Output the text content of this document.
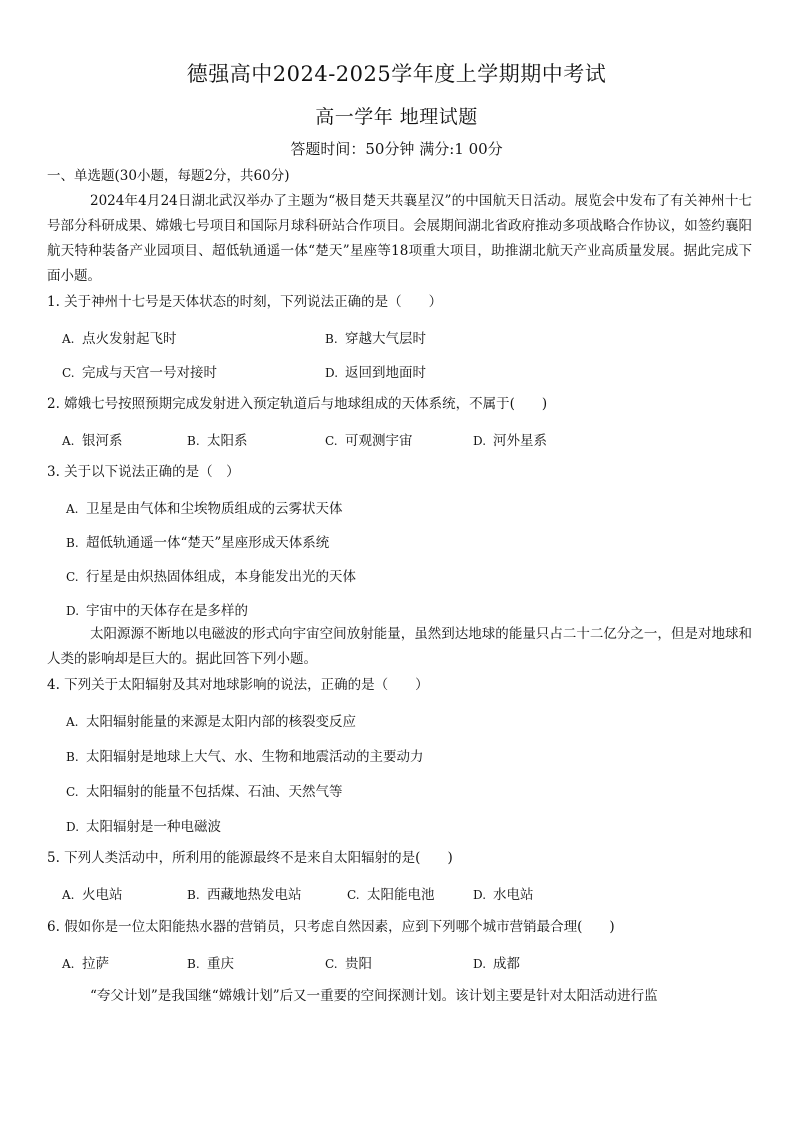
德强高中2024-2025学年度上学期期中考试
高一学年 地理试题
答题时间：50分钟 满分:1 00分
一、单选题(30小题，每题2分，共60分)
2024年4月24日湖北武汉举办了主题为“极目楚天共襄星汉”的中国航天日活动。展览会中发布了有关神州十七号部分科研成果、嫦娥七号项目和国际月球科研站合作项目。会展期间湖北省政府推动多项战略合作协议，如签约襄阳航天特种装备产业园项目、超低轨通遥一体“楚天”星座等18项重大项目，助推湖北航天产业高质量发展。据此完成下面小题。
1. 关于神州十七号是天体状态的时刻，下列说法正确的是（　　）
A. 点火发射起飞时	B. 穿越大气层时
C. 完成与天宫一号对接时	D. 返回到地面时
2. 嫦娥七号按照预期完成发射进入预定轨道后与地球组成的天体系统，不属于(　　)
A. 银河系	B. 太阳系	C. 可观测宇宙	D. 河外星系
3. 关于以下说法正确的是（　）
A. 卫星是由气体和尘埃物质组成的云雾状天体
B. 超低轨通遥一体“楚天”星座形成天体系统
C. 行星是由炽热固体组成，本身能发出光的天体
D. 宇宙中的天体存在是多样的
太阳源源不断地以电磁波的形式向宇宙空间放射能量，虽然到达地球的能量只占二十二亿分之一，但是对地球和人类的影响却是巨大的。据此回答下列小题。
4. 下列关于太阳辐射及其对地球影响的说法，正确的是（　　）
A. 太阳辐射能量的来源是太阳内部的核裂变反应
B. 太阳辐射是地球上大气、水、生物和地震活动的主要动力
C. 太阳辐射的能量不包括煤、石油、天然气等
D. 太阳辐射是一种电磁波
5. 下列人类活动中，所利用的能源最终不是来自太阳辐射的是(　　)
A. 火电站	B. 西藏地热发电站	C. 太阳能电池	D. 水电站
6. 假如你是一位太阳能热水器的营销员，只考虑自然因素，应到下列哪个城市营销最合理(　　)
A. 拉萨	B. 重庆	C. 贵阳	D. 成都
“夸父计划”是我国继“嫦娥计划”后又一重要的空间探测计划。该计划主要是针对太阳活动进行监
